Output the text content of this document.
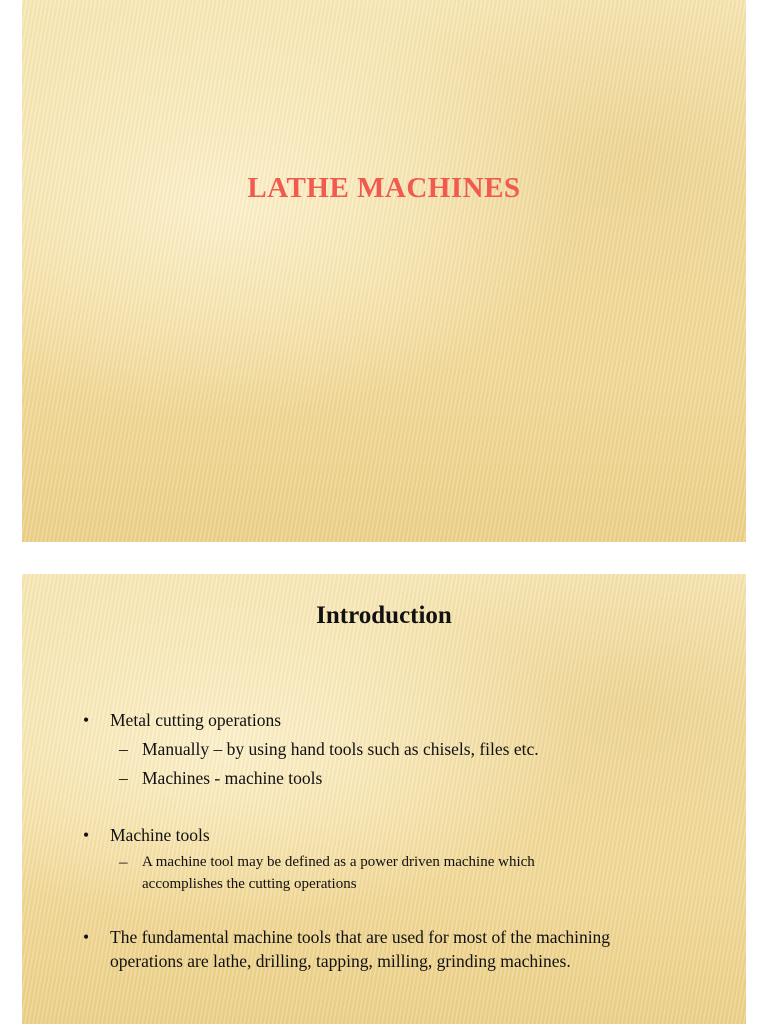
LATHE MACHINES
Introduction
• Metal cutting operations
– Manually – by using hand tools such as chisels, files etc.
– Machines - machine tools
• Machine tools
– A machine tool may be defined as a power driven machine which accomplishes the cutting operations
• The fundamental machine tools that are used for most of the machining operations are lathe, drilling, tapping, milling, grinding machines.
